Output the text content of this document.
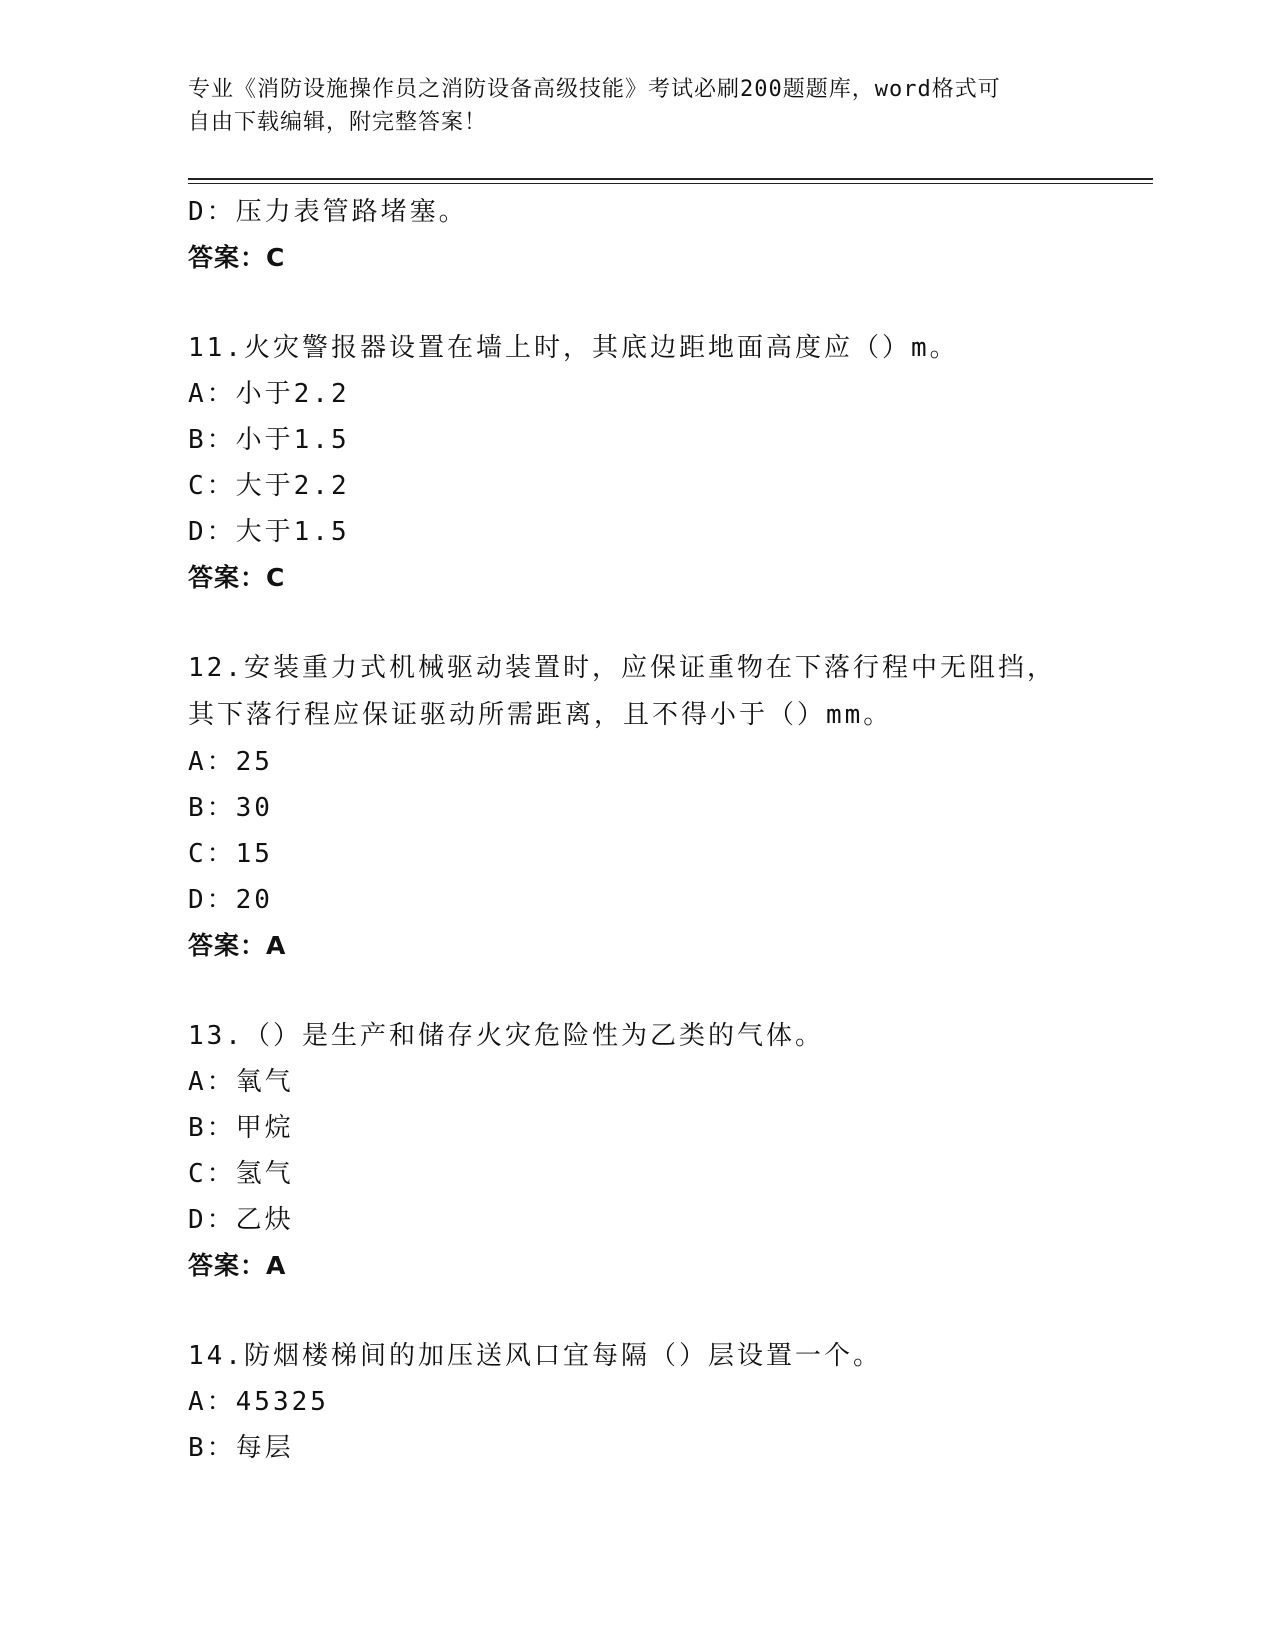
专业《消防设施操作员之消防设备高级技能》考试必刷200题题库，word格式可
自由下载编辑，附完整答案！
D：压力表管路堵塞。
答案：C
11.火灾警报器设置在墙上时，其底边距地面高度应（）m。
A：小于2.2
B：小于1.5
C：大于2.2
D：大于1.5
答案：C
12.安装重力式机械驱动装置时，应保证重物在下落行程中无阻挡，其下落行程应保证驱动所需距离，且不得小于（）mm。
A：25
B：30
C：15
D：20
答案：A
13.（）是生产和储存火灾危险性为乙类的气体。
A：氧气
B：甲烷
C：氢气
D：乙炔
答案：A
14.防烟楼梯间的加压送风口宜每隔（）层设置一个。
A：45325
B：每层
